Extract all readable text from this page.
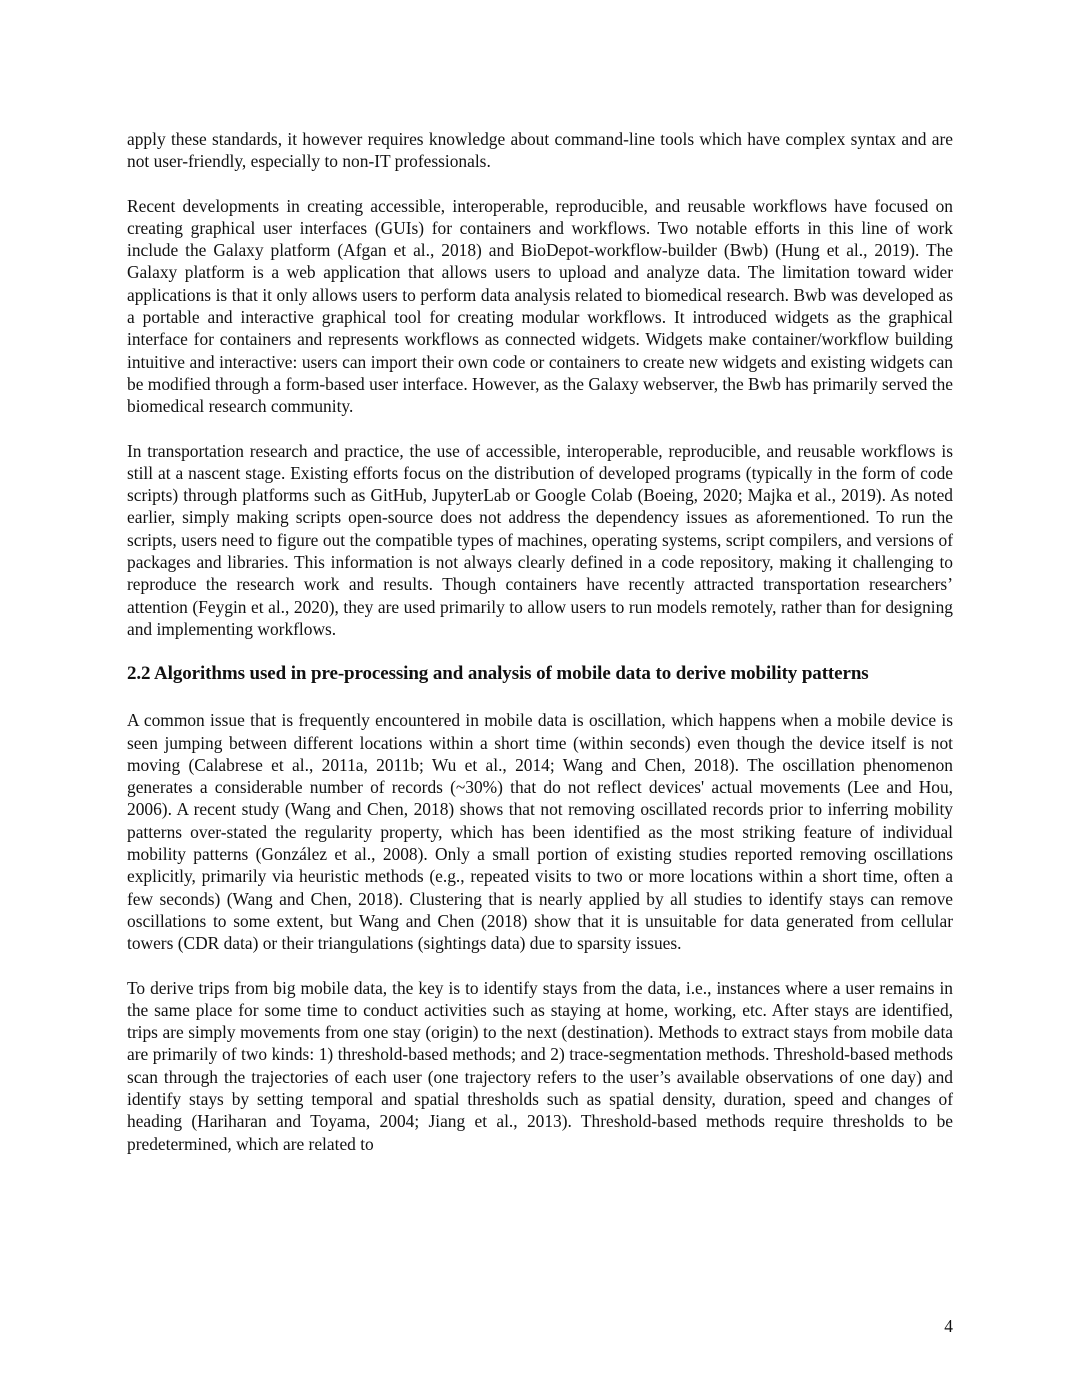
apply these standards, it however requires knowledge about command-line tools which have complex syntax and are not user-friendly, especially to non-IT professionals.

Recent developments in creating accessible, interoperable, reproducible, and reusable workflows have focused on creating graphical user interfaces (GUIs) for containers and workflows. Two notable efforts in this line of work include the Galaxy platform (Afgan et al., 2018) and BioDepot-workflow-builder (Bwb) (Hung et al., 2019). The Galaxy platform is a web application that allows users to upload and analyze data. The limitation toward wider applications is that it only allows users to perform data analysis related to biomedical research. Bwb was developed as a portable and interactive graphical tool for creating modular workflows. It introduced widgets as the graphical interface for containers and represents workflows as connected widgets. Widgets make container/workflow building intuitive and interactive: users can import their own code or containers to create new widgets and existing widgets can be modified through a form-based user interface. However, as the Galaxy webserver, the Bwb has primarily served the biomedical research community.

In transportation research and practice, the use of accessible, interoperable, reproducible, and reusable workflows is still at a nascent stage. Existing efforts focus on the distribution of developed programs (typically in the form of code scripts) through platforms such as GitHub, JupyterLab or Google Colab (Boeing, 2020; Majka et al., 2019). As noted earlier, simply making scripts open-source does not address the dependency issues as aforementioned. To run the scripts, users need to figure out the compatible types of machines, operating systems, script compilers, and versions of packages and libraries. This information is not always clearly defined in a code repository, making it challenging to reproduce the research work and results. Though containers have recently attracted transportation researchers’ attention (Feygin et al., 2020), they are used primarily to allow users to run models remotely, rather than for designing and implementing workflows.

2.2 Algorithms used in pre-processing and analysis of mobile data to derive mobility patterns

A common issue that is frequently encountered in mobile data is oscillation, which happens when a mobile device is seen jumping between different locations within a short time (within seconds) even though the device itself is not moving (Calabrese et al., 2011a, 2011b; Wu et al., 2014; Wang and Chen, 2018). The oscillation phenomenon generates a considerable number of records (~30%) that do not reflect devices' actual movements (Lee and Hou, 2006). A recent study (Wang and Chen, 2018) shows that not removing oscillated records prior to inferring mobility patterns over-stated the regularity property, which has been identified as the most striking feature of individual mobility patterns (González et al., 2008). Only a small portion of existing studies reported removing oscillations explicitly, primarily via heuristic methods (e.g., repeated visits to two or more locations within a short time, often a few seconds) (Wang and Chen, 2018). Clustering that is nearly applied by all studies to identify stays can remove oscillations to some extent, but Wang and Chen (2018) show that it is unsuitable for data generated from cellular towers (CDR data) or their triangulations (sightings data) due to sparsity issues.

To derive trips from big mobile data, the key is to identify stays from the data, i.e., instances where a user remains in the same place for some time to conduct activities such as staying at home, working, etc. After stays are identified, trips are simply movements from one stay (origin) to the next (destination). Methods to extract stays from mobile data are primarily of two kinds: 1) threshold-based methods; and 2) trace-segmentation methods. Threshold-based methods scan through the trajectories of each user (one trajectory refers to the user’s available observations of one day) and identify stays by setting temporal and spatial thresholds such as spatial density, duration, speed and changes of heading (Hariharan and Toyama, 2004; Jiang et al., 2013). Threshold-based methods require thresholds to be predetermined, which are related to

4
